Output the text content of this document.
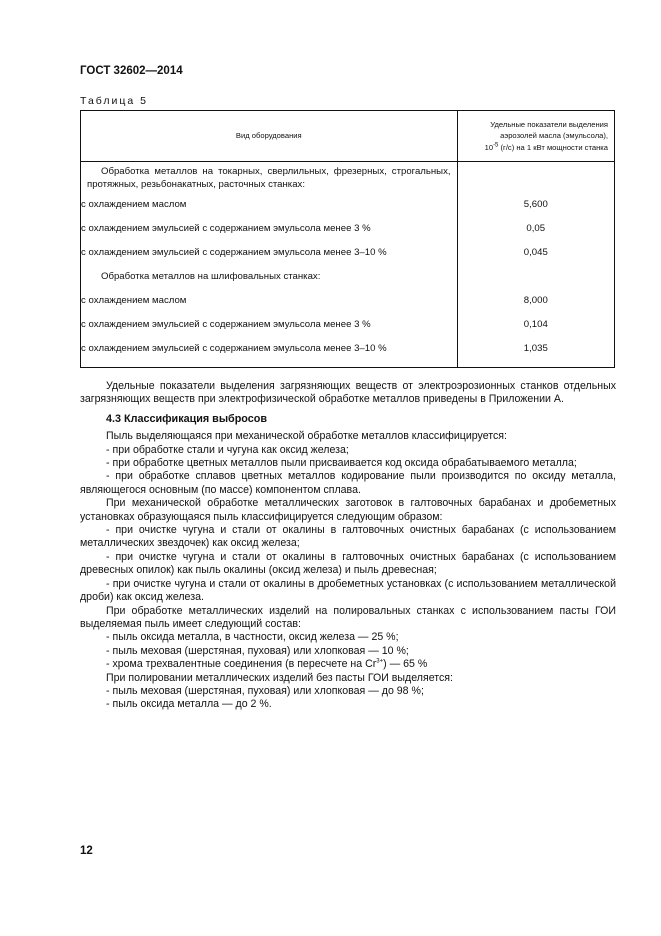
ГОСТ 32602—2014
Таблица 5
Вид оборудования	Удельные показатели выделения
аэрозолей масла (эмульсола),
$10^{-5}$ (г/с) на 1 кВт мощности станка

Обработка металлов на токарных, сверлильных, фрезерных, строгальных, протяжных, резьбонакатных, расточных станках:	

с охлаждением маслом	5,600
с охлаждением эмульсией с содержанием эмульсола менее 3 %	0,05
с охлаждением эмульсией с содержанием эмульсола менее 3–10 %	0,045
Обработка металлов на шлифовальных станках:	
с охлаждением маслом	8,000
с охлаждением эмульсией с содержанием эмульсола менее 3 %	0,104
с охлаждением эмульсией с содержанием эмульсола менее 3–10 %	1,035

Удельные показатели выделения загрязняющих веществ от электроэрозионных станков отдельных загрязняющих веществ при электрофизической обработке металлов приведены в Приложении А.

4.3 Классификация выбросов

Пыль выделяющаяся при механической обработке металлов классифицируется:

- при обработке стали и чугуна как оксид железа;

- при обработке цветных металлов пыли присваивается код оксида обрабатываемого металла;

- при обработке сплавов цветных металлов кодирование пыли производится по оксиду металла, являющегося основным (по массе) компонентом сплава.

При механической обработке металлических заготовок в галтовочных барабанах и дробеметных установках образующаяся пыль классифицируется следующим образом:

- при очистке чугуна и стали от окалины в галтовочных очистных барабанах (с использованием металлических звездочек) как оксид железа;

- при очистке чугуна и стали от окалины в галтовочных очистных барабанах (с использованием древесных опилок) как пыль окалины (оксид железа) и пыль древесная;

- при очистке чугуна и стали от окалины в дробеметных установках (с использованием металлической дроби) как оксид железа.

При обработке металлических изделий на полировальных станках с использованием пасты ГОИ выделяемая пыль имеет следующий состав:

- пыль оксида металла, в частности, оксид железа — 25 %;

- пыль меховая (шерстяная, пуховая) или хлопковая — 10 %;

- хрома трехвалентные соединения (в пересчете на $Cr^{3+}$) — 65 %

При полировании металлических изделий без пасты ГОИ выделяется:

- пыль меховая (шерстяная, пуховая) или хлопковая — до 98 %;

- пыль оксида металла — до 2 %.

12
